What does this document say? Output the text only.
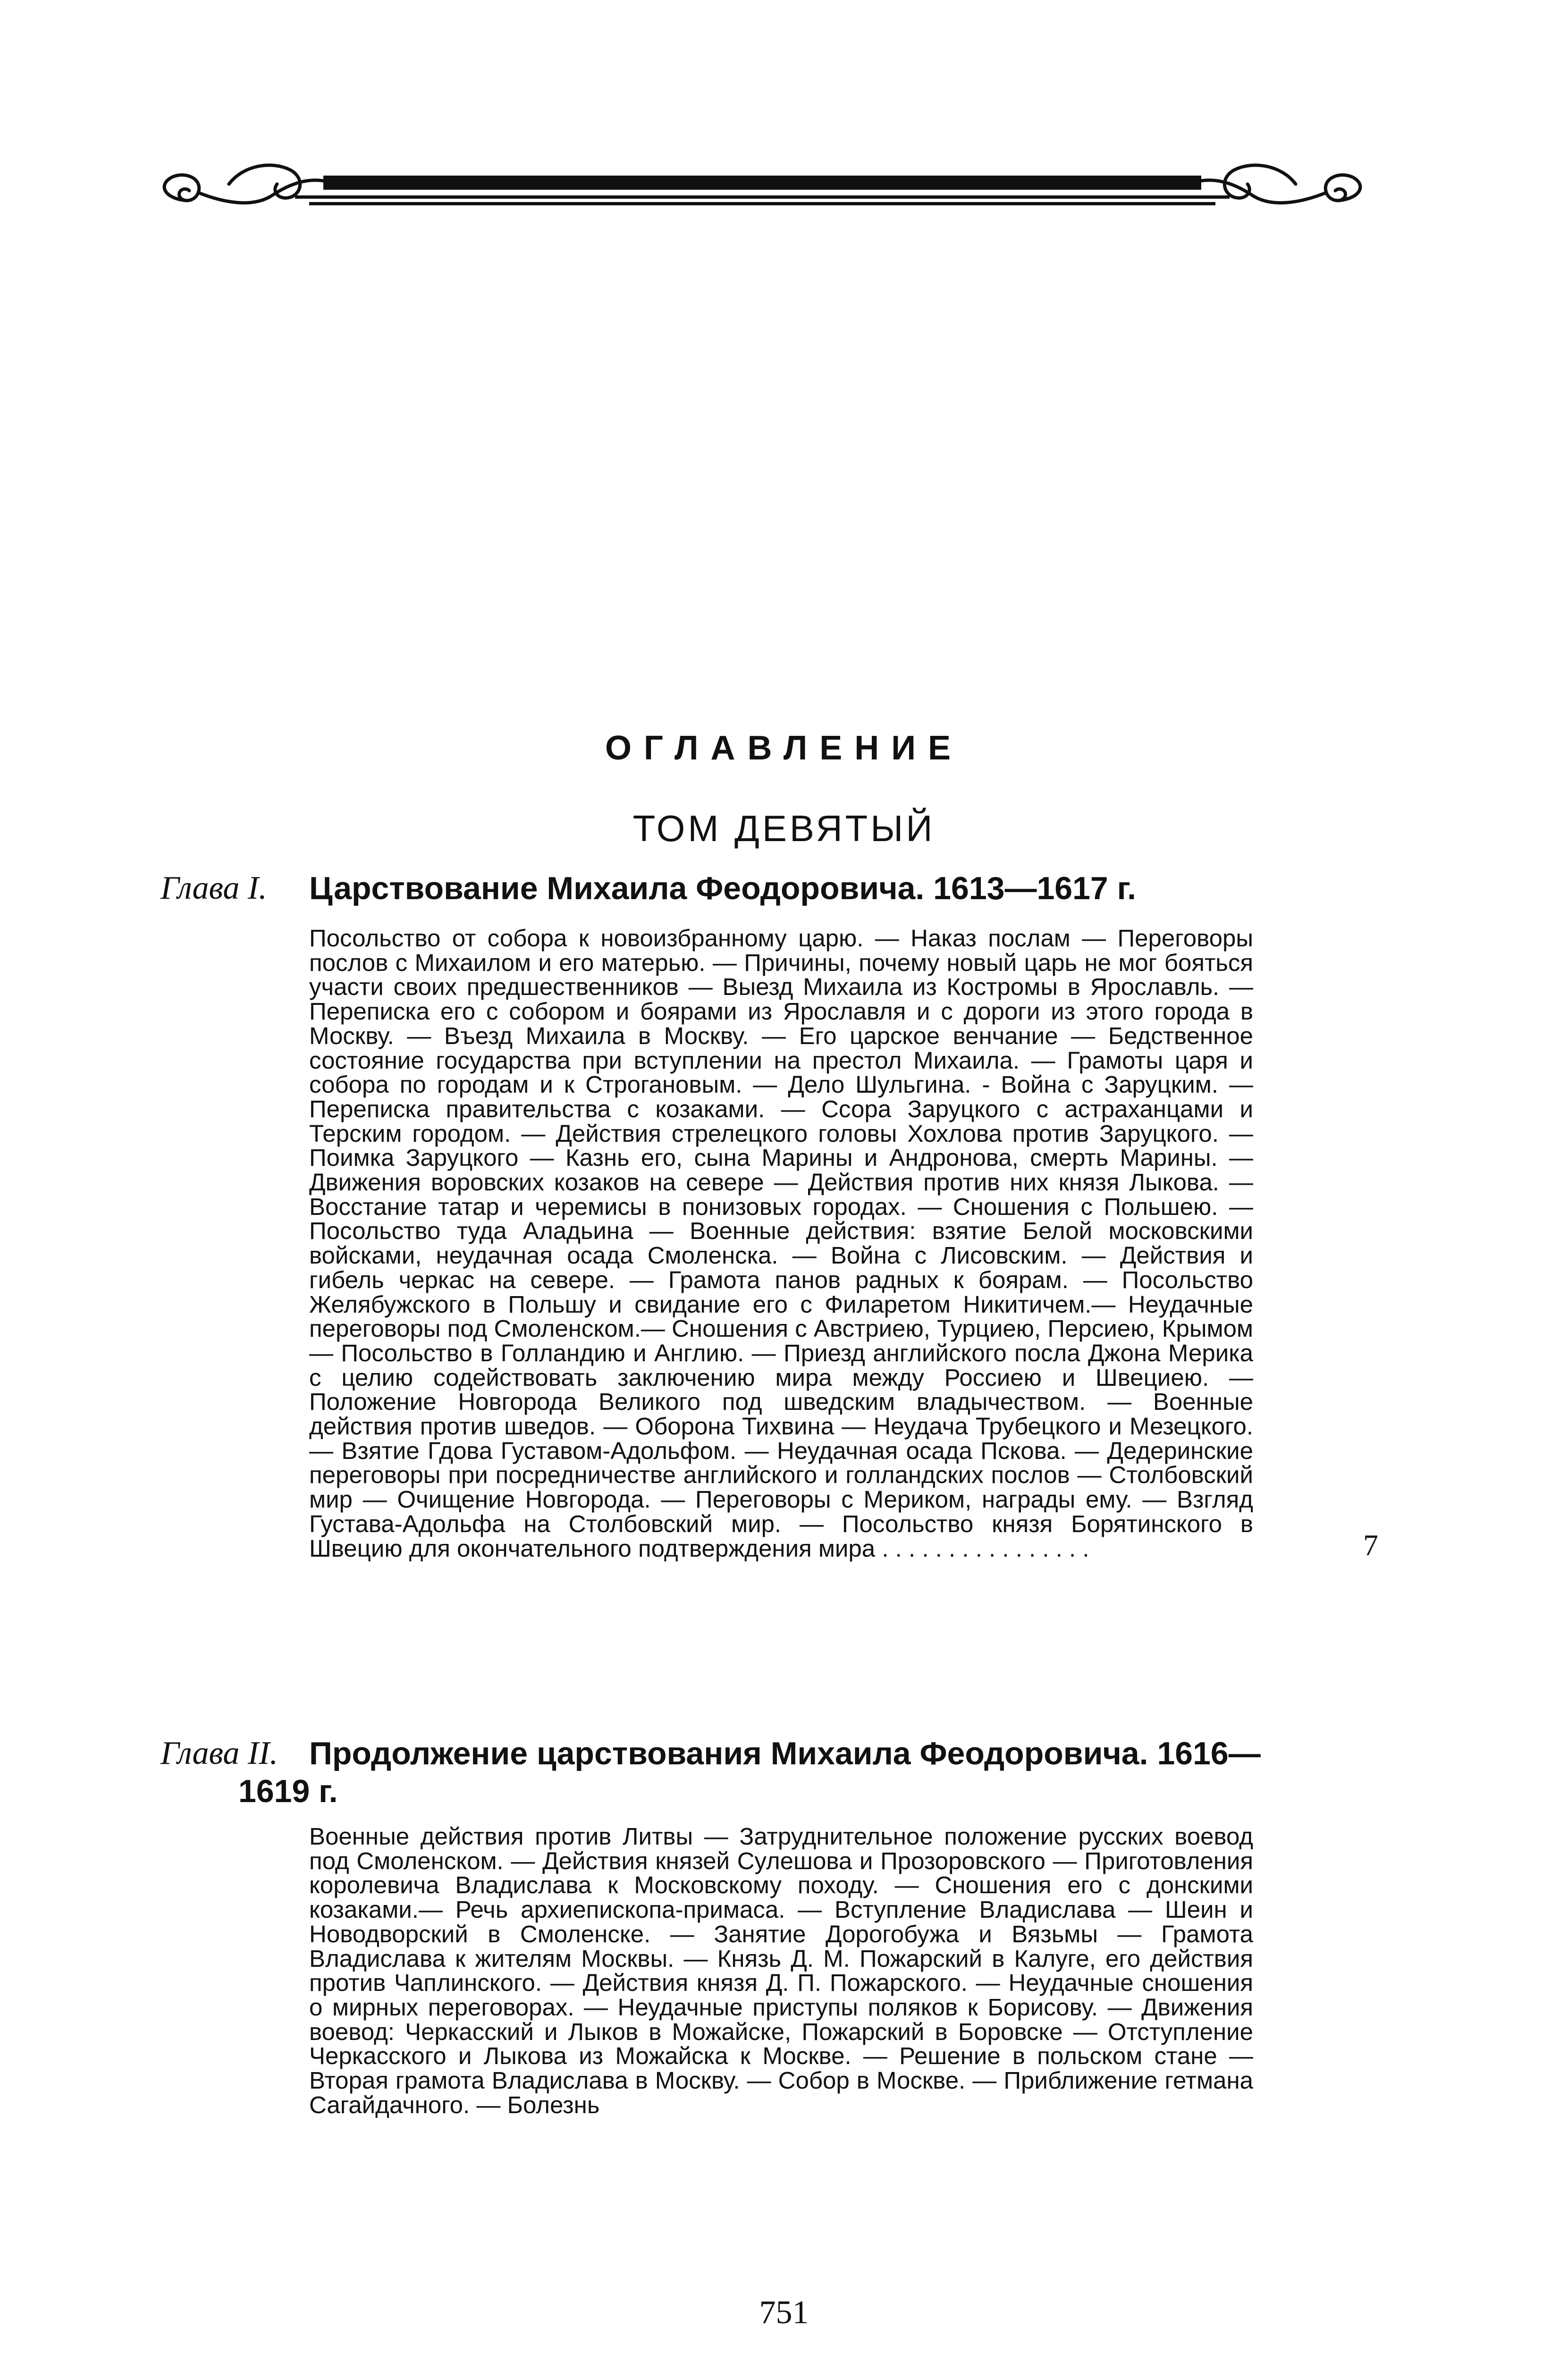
ОГЛАВЛЕНИЕ
ТОМ ДЕВЯТЫЙ
Глава I. Царствование Михаила Феодоровича. 1613—1617 г.
Посольство от собора к новоизбранному царю. — Наказ послам — Переговоры послов с Михаилом и его матерью. — Причины, почему новый царь не мог бояться участи своих предшественников — Выезд Михаила из Костромы в Ярославль. — Переписка его с собором и боярами из Ярославля и с дороги из этого города в Москву. — Въезд Михаила в Москву. — Его царское венчание — Бедственное состояние государства при вступлении на престол Михаила. — Грамоты царя и собора по городам и к Строгановым. — Дело Шульгина. - Война с Заруцким. — Переписка правительства с козаками. — Ссора Заруцкого с астраханцами и Терским городом. — Действия стрелецкого головы Хохлова против Заруцкого. — Поимка Заруцкого — Казнь его, сына Марины и Андронова, смерть Марины. — Движения воровских козаков на севере — Действия против них князя Лыкова. — Восстание татар и черемисы в понизовых городах. — Сношения с Польшею. — Посольство туда Аладьина — Военные действия: взятие Белой московскими войсками, неудачная осада Смоленска. — Война с Лисовским. — Действия и гибель черкас на севере. — Грамота панов радных к боярам. — Посольство Желябужского в Польшу и свидание его с Филаретом Никитичем.— Неудачные переговоры под Смоленском.— Сношения с Австриею, Турциею, Персиею, Крымом — Посольство в Голландию и Англию. — Приезд английского посла Джона Мерика с целию содействовать заключению мира между Россиею и Швециею. — Положение Новгорода Великого под шведским владычеством. — Военные действия против шведов. — Оборона Тихвина — Неудача Трубецкого и Мезецкого. — Взятие Гдова Густавом-Адольфом. — Неудачная осада Пскова. — Дедеринские переговоры при посредничестве английского и голландских послов — Столбовский мир — Очищение Новгорода. — Переговоры с Мериком, награды ему. — Взгляд Густава-Адольфа на Столбовский мир. — Посольство князя Борятинского в Швецию для окончательного подтверждения мира . . . . . . . . . . . . . . . .	7
Глава II. Продолжение царствования Михаила Феодоровича. 1616—
1619 г.
Военные действия против Литвы — Затруднительное положение русских воевод под Смоленском. — Действия князей Сулешова и Прозоровского — Приготовления королевича Владислава к Московскому походу. — Сношения его с донскими козаками.— Речь архиепископа-примаса. — Вступление Владислава — Шеин и Новодворский в Смоленске. — Занятие Дорогобужа и Вязьмы — Грамота Владислава к жителям Москвы. — Князь Д. М. Пожарский в Калуге, его действия против Чаплинского. — Действия князя Д. П. Пожарского. — Неудачные сношения о мирных переговорах. — Неудачные приступы поляков к Борисову. — Движения воевод: Черкасский и Лыков в Можайске, Пожарский в Боровске — Отступление Черкасского и Лыкова из Можайска к Москве. — Решение в польском стане — Вторая грамота Владислава в Москву. — Собор в Москве. — Приближение гетмана Сагайдачного. — Болезнь
751
